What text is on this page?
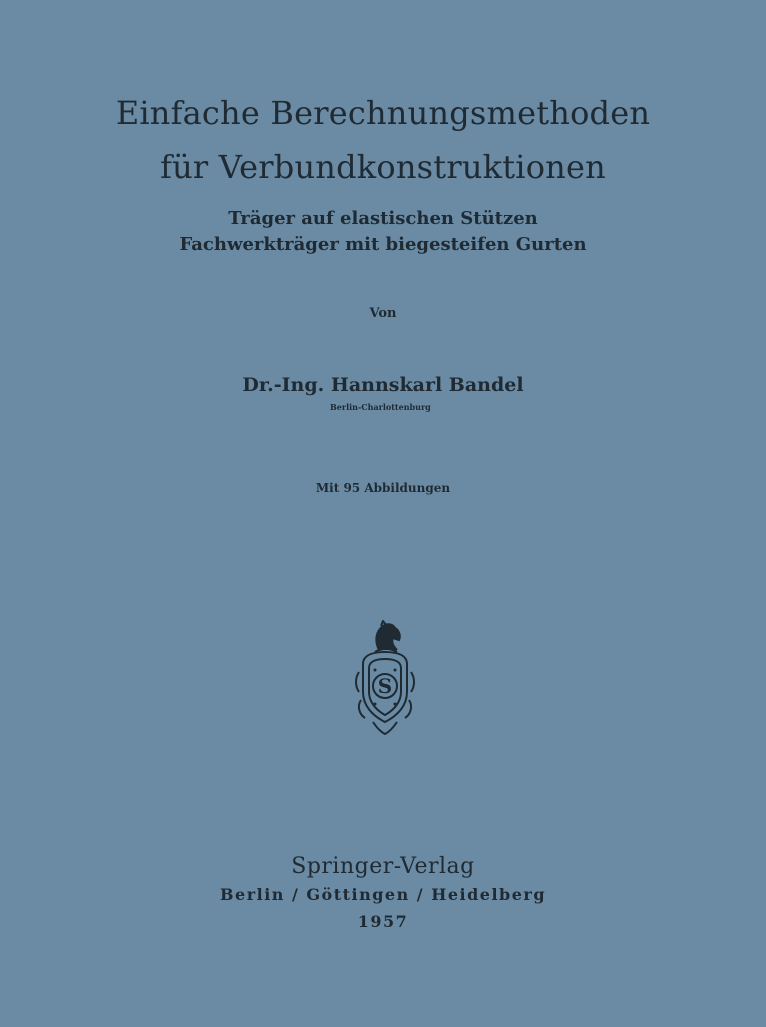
Einfache Berechnungsmethoden
für Verbundkonstruktionen
Träger auf elastischen Stützen
Fachwerkträger mit biegesteifen Gurten
Von
Dr.-Ing. Hannskarl Bandel
Berlin-Charlottenburg
Mit 95 Abbildungen
S
Springer-Verlag
Berlin / Göttingen / Heidelberg
1957
